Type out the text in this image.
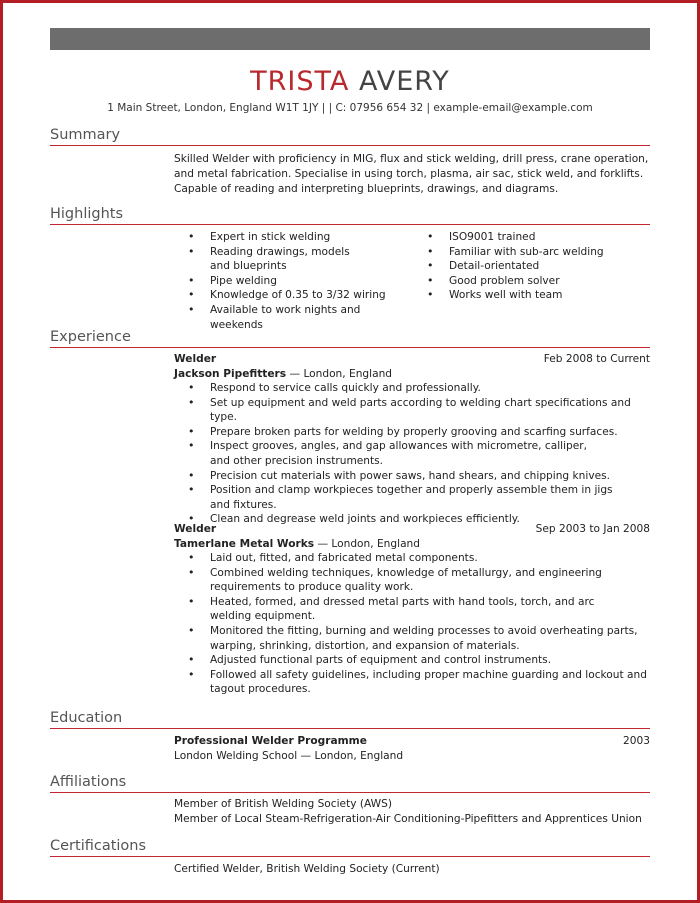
TRISTA AVERY
1 Main Street, London, England W1T 1JY | | C: 07956 654 32 | example-email@example.com
Summary
Skilled Welder with proficiency in MIG, flux and stick welding, drill press, crane operation,
and metal fabrication. Specialise in using torch, plasma, air sac, stick weld, and forklifts.
Capable of reading and interpreting blueprints, drawings, and diagrams.
Highlights
• Expert in stick welding
• Reading drawings, models and blueprints
• Pipe welding
• Knowledge of 0.35 to 3/32 wiring
• Available to work nights and weekends
• ISO9001 trained
• Familiar with sub-arc welding
• Detail-orientated
• Good problem solver
• Works well with team
Experience
Welder	Feb 2008 to Current
Jackson Pipefitters — London, England
• Respond to service calls quickly and professionally.
• Set up equipment and weld parts according to welding chart specifications and type.
• Prepare broken parts for welding by properly grooving and scarfing surfaces.
• Inspect grooves, angles, and gap allowances with micrometre, calliper, and other precision instruments.
• Precision cut materials with power saws, hand shears, and chipping knives.
• Position and clamp workpieces together and properly assemble them in jigs and fixtures.
• Clean and degrease weld joints and workpieces efficiently.
Welder	Sep 2003 to Jan 2008
Tamerlane Metal Works — London, England
• Laid out, fitted, and fabricated metal components.
• Combined welding techniques, knowledge of metallurgy, and engineering requirements to produce quality work.
• Heated, formed, and dressed metal parts with hand tools, torch, and arc welding equipment.
• Monitored the fitting, burning and welding processes to avoid overheating parts, warping, shrinking, distortion, and expansion of materials.
• Adjusted functional parts of equipment and control instruments.
• Followed all safety guidelines, including proper machine guarding and lockout and tagout procedures.
Education
Professional Welder Programme	2003
London Welding School — London, England
Affiliations
Member of British Welding Society (AWS)
Member of Local Steam-Refrigeration-Air Conditioning-Pipefitters and Apprentices Union
Certifications
Certified Welder, British Welding Society (Current)
